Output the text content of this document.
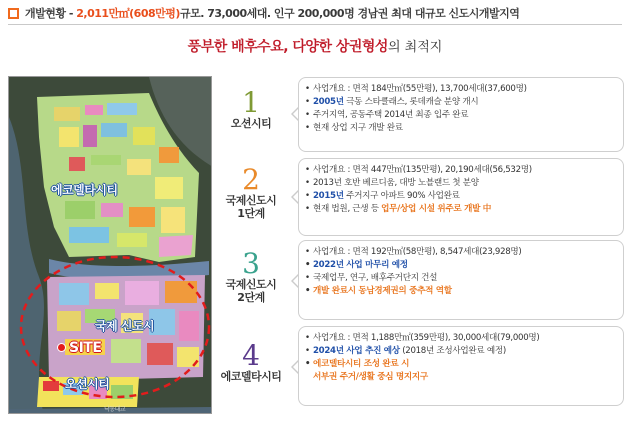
개발현황 - 2,011만㎡(608만평)규모. 73,000세대. 인구 200,000명 경남권 최대 대규모 신도시개발지역
풍부한 배후수요, 다양한 상권형성의 최적지
에코델타시티
국제 신도시
SITE
오션시티
낙동대교
1
오션시티
• 사업개요 : 면적 184만㎡(55만평), 13,700세대(37,600명)
• 2005년 극동 스타클래스, 롯데캐슬 분양 개시
• 주거지역, 공동주택 2014년 최종 입주 완료
• 현재 상업 지구 개발 완료
2
국제신도시
1단계
• 사업개요 : 면적 447만㎡(135만평), 20,190세대(56,532명)
• 2013년 호반 베르디움, 대방 노블랜드 첫 분양
• 2015년 주거지구 아파트 90% 사업완료
• 현재 법원, 근생 등 업무/상업 시설 위주로 개발 中
3
국제신도시
2단계
• 사업개요 : 면적 192만㎡(58만평), 8,547세대(23,928명)
• 2022년 사업 마무리 예정
• 국제업무, 연구, 배후주거단지 건설
• 개발 완료시 동남경제권의 중추적 역할
4
에코델타시티
• 사업개요 : 면적 1,188만㎡(359만평), 30,000세대(79,000명)
• 2024년 사업 추진 예상 (2018년 조성사업완료 예정)
• 에코델타시티 조성 완료 시
서부권 주거/생활 중심 명지지구
